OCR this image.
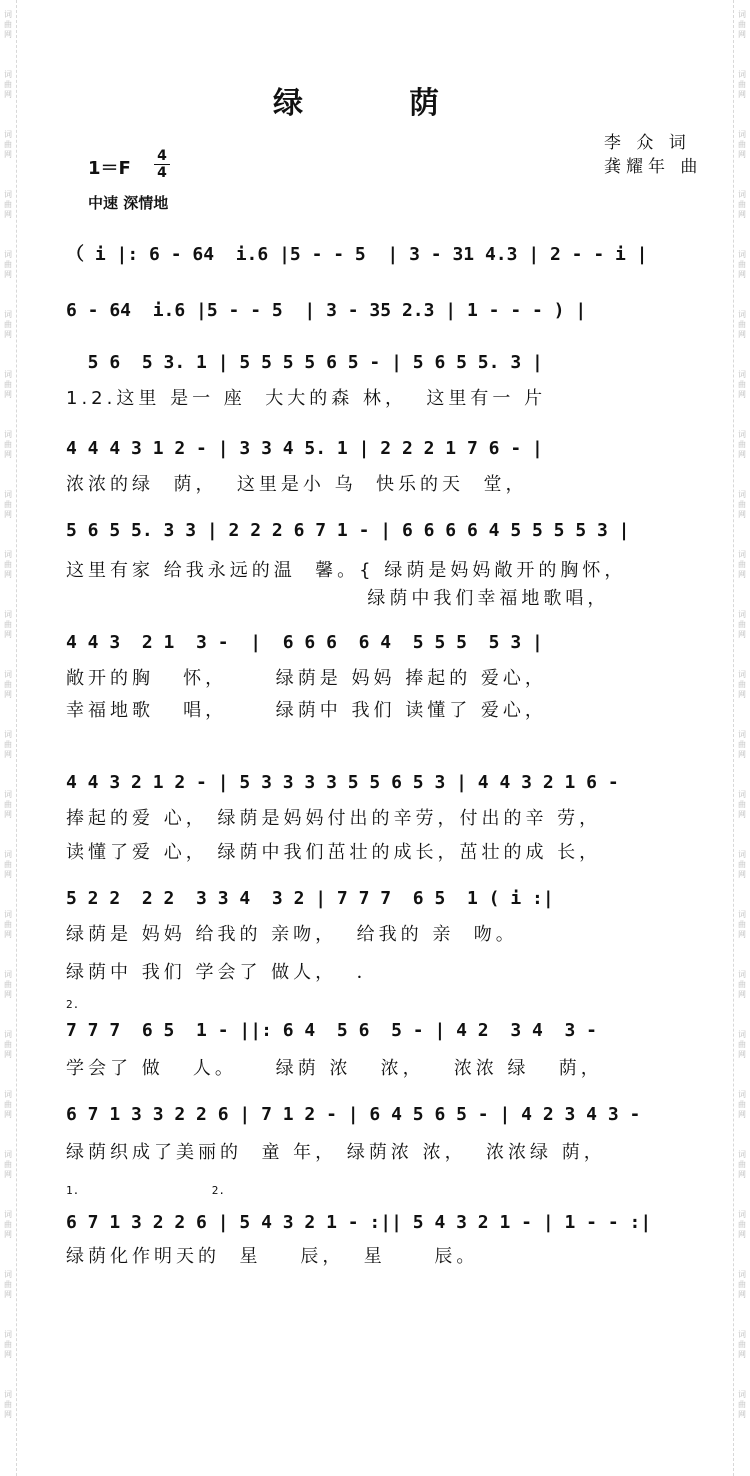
词
曲
网
词
曲
网
词
曲
网
词
曲
网
词
曲
网
词
曲
网
词
曲
网
词
曲
网
词
曲
网
词
曲
网
词
曲
网
词
曲
网
词
曲
网
词
曲
网
词
曲
网
词
曲
网
词
曲
网
词
曲
网
词
曲
网
词
曲
网
词
曲
网
词
曲
网
词
曲
网
词
曲
网
词
曲
网
词
曲
网
词
曲
网
词
曲
网
词
曲
网
词
曲
网
词
曲
网
词
曲
网
词
曲
网
词
曲
网
词
曲
网
词
曲
网
词
曲
网
词
曲
网
词
曲
网
词
曲
网
词
曲
网
词
曲
网
词
曲
网
词
曲
网
词
曲
网
词
曲
网
词
曲
网
词
曲
网
绿　荫
李 众 词
龚耀年 曲
1＝F
4
4
中速 深情地
（ i |: 6 - 64  i.6 |5 - - 5  | 3 - 31 4.3 | 2 - - i |
6 - 64  i.6 |5 - - 5  | 3 - 35 2.3 | 1 - - - ) |
5 6  5 3. 1 | 5 5 5 5 6 5 - | 5 6 5 5. 3 |
1.2.这里 是一 座  大大的森 林，  这里有一 片
4 4 4 3 1 2 - | 3 3 4 5. 1 | 2 2 2 1 7 6 - |
浓浓的绿  荫，  这里是小 乌  快乐的天  堂，
5 6 5 5. 3 3 | 2 2 2 6 7 1 - | 6 6 6 6 4 5 5 5 5 3 |
这里有家 给我永远的温  馨。{ 绿荫是妈妈敞开的胸怀，
绿荫中我们幸福地歌唱，
4 4 3  2 1  3 -  |  6 6 6  6 4  5 5 5  5 3 |
敞开的胸   怀，     绿荫是 妈妈 捧起的 爱心，
幸福地歌   唱，     绿荫中 我们 读懂了 爱心，
4 4 3 2 1 2 - | 5 3 3 3 3 5 5 6 5 3 | 4 4 3 2 1 6 -
捧起的爱 心， 绿荫是妈妈付出的辛劳，付出的辛 劳，
读懂了爱 心， 绿荫中我们茁壮的成长，茁壮的成 长，
5 2 2  2 2  3 3 4  3 2 | 7 7 7  6 5  1 ( i :|
绿荫是 妈妈 给我的 亲吻，  给我的 亲  吻。
绿荫中 我们 学会了 做人，  ．
2.
7 7 7  6 5  1 - ||: 6 4  5 6  5 - | 4 2  3 4  3 -
学会了 做   人。    绿荫 浓   浓，   浓浓 绿   荫，
6 7 1 3 3 2 2 6 | 7 1 2 - | 6 4 5 6 5 - | 4 2 3 4 3 -
绿荫织成了美丽的  童 年， 绿荫浓 浓，  浓浓绿 荫，
1.                    2.
6 7 1 3 2 2 6 | 5 4 3 2 1 - :|| 5 4 3 2 1 - | 1 - - :|
绿荫化作明天的  星    辰，  星     辰。
